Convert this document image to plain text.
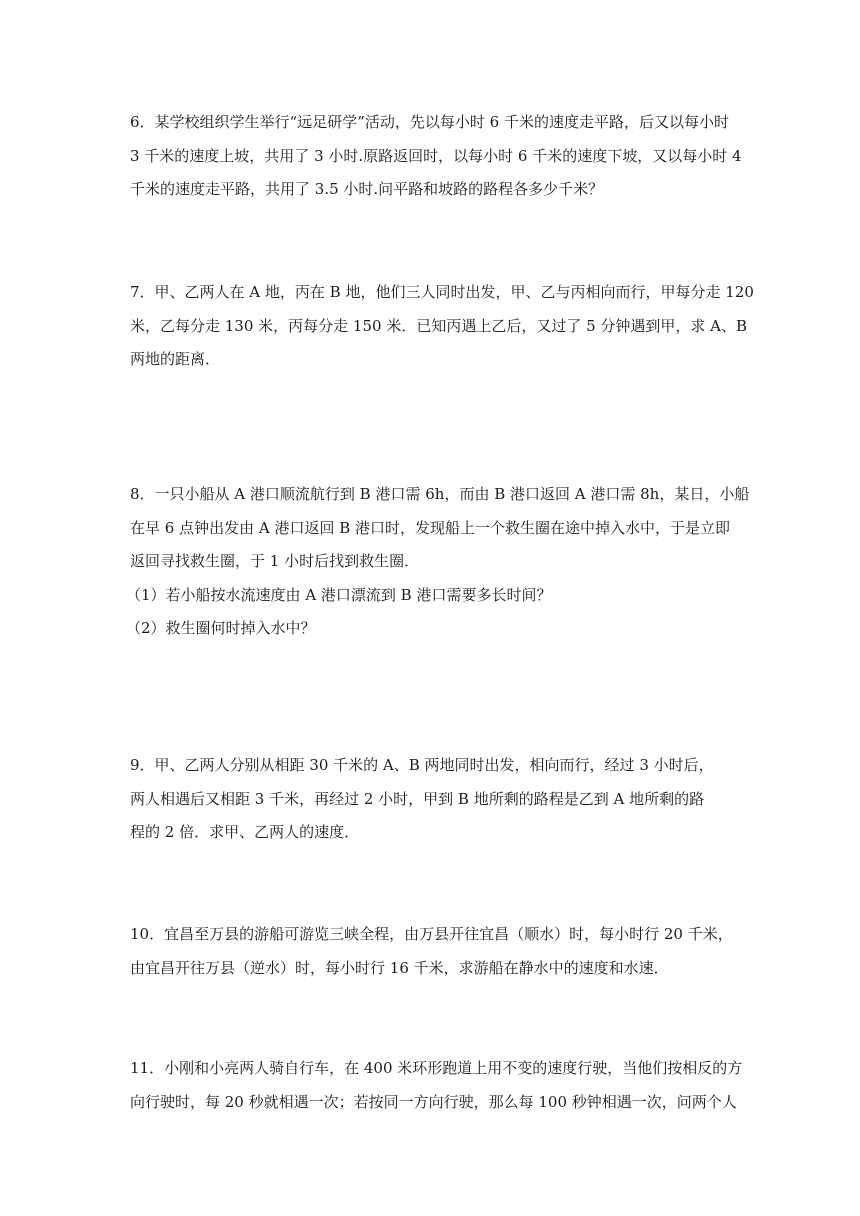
6．某学校组织学生举行“远足研学”活动，先以每小时 6 千米的速度走平路，后又以每小时
3 千米的速度上坡，共用了 3 小时.原路返回时，以每小时 6 千米的速度下坡，又以每小时 4
千米的速度走平路，共用了 3.5 小时.问平路和坡路的路程各多少千米？
7．甲、乙两人在 A 地，丙在 B 地，他们三人同时出发，甲、乙与丙相向而行，甲每分走 120
米，乙每分走 130 米，丙每分走 150 米．已知丙遇上乙后，又过了 5 分钟遇到甲，求 A、B
两地的距离．
8．一只小船从 A 港口顺流航行到 B 港口需 6h，而由 B 港口返回 A 港口需 8h，某日，小船
在早 6 点钟出发由 A 港口返回 B 港口时，发现船上一个救生圈在途中掉入水中，于是立即
返回寻找救生圈，于 1 小时后找到救生圈．
（1）若小船按水流速度由 A 港口漂流到 B 港口需要多长时间？
（2）救生圈何时掉入水中？
9．甲、乙两人分别从相距 30 千米的 A、B 两地同时出发，相向而行，经过 3 小时后，
两人相遇后又相距 3 千米，再经过 2 小时，甲到 B 地所剩的路程是乙到 A 地所剩的路
程的 2 倍．求甲、乙两人的速度．
10．宜昌至万县的游船可游览三峡全程，由万县开往宜昌（顺水）时，每小时行 20 千米，
由宜昌开往万县（逆水）时，每小时行 16 千米，求游船在静水中的速度和水速．
11．小刚和小亮两人骑自行车，在 400 米环形跑道上用不变的速度行驶，当他们按相反的方
向行驶时，每 20 秒就相遇一次；若按同一方向行驶，那么每 100 秒钟相遇一次，问两个人
